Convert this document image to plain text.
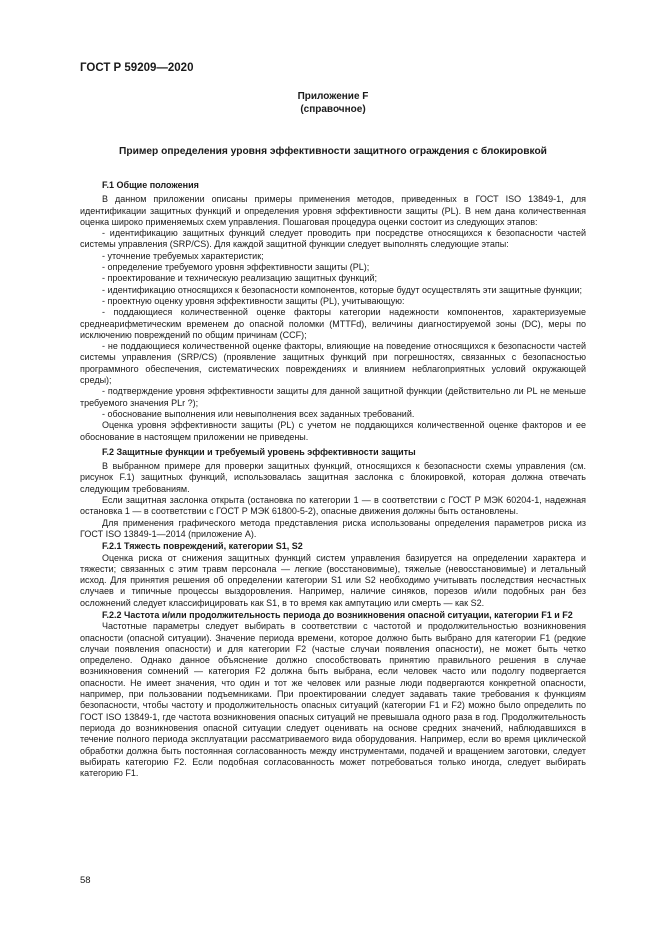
ГОСТ Р 59209—2020
Приложение F
(справочное)
Пример определения уровня эффективности защитного ограждения с блокировкой

F.1 Общие положения

В данном приложении описаны примеры применения методов, приведенных в ГОСТ ISO 13849-1, для идентификации защитных функций и определения уровня эффективности защиты (PL). В нем дана количественная оценка широко применяемых схем управления. Пошаговая процедура оценки состоит из следующих этапов:

- идентификацию защитных функций следует проводить при посредстве относящихся к безопасности частей системы управления (SRP/CS). Для каждой защитной функции следует выполнять следующие этапы:

- уточнение требуемых характеристик;

- определение требуемого уровня эффективности защиты (PL);

- проектирование и техническую реализацию защитных функций;

- идентификацию относящихся к безопасности компонентов, которые будут осуществлять эти защитные функции;

- проектную оценку уровня эффективности защиты (PL), учитывающую:

- поддающиеся количественной оценке факторы категории надежности компонентов, характеризуемые среднеарифметическим временем до опасной поломки (MTTFd), величины диагностируемой зоны (DC), меры по исключению повреждений по общим причинам (CCF);

- не поддающиеся количественной оценке факторы, влияющие на поведение относящихся к безопасности частей системы управления (SRP/CS) (проявление защитных функций при погрешностях, связанных с безопасностью программного обеспечения, систематических повреждениях и влиянием неблагоприятных условий окружающей среды);

- подтверждение уровня эффективности защиты для данной защитной функции (действительно ли PL не меньше требуемого значения PLr ?);

- обоснование выполнения или невыполнения всех заданных требований.

Оценка уровня эффективности защиты (PL) с учетом не поддающихся количественной оценке факторов и ее обоснование в настоящем приложении не приведены.

F.2 Защитные функции и требуемый уровень эффективности защиты

В выбранном примере для проверки защитных функций, относящихся к безопасности схемы управления (см. рисунок F.1) защитных функций, использовалась защитная заслонка с блокировкой, которая должна отвечать следующим требованиям.

Если защитная заслонка открыта (остановка по категории 1 — в соответствии с ГОСТ Р МЭК 60204-1, надежная остановка 1 — в соответствии с ГОСТ Р МЭК 61800-5-2), опасные движения должны быть остановлены.

Для применения графического метода представления риска использованы определения параметров риска из ГОСТ ISO 13849-1—2014 (приложение А).

F.2.1 Тяжесть повреждений, категории S1, S2

Оценка риска от снижения защитных функций систем управления базируется на определении характера и тяжести; связанных с этим травм персонала — легкие (восстановимые), тяжелые (невосстановимые) и летальный исход. Для принятия решения об определении категории S1 или S2 необходимо учитывать последствия несчастных случаев и типичные процессы выздоровления. Например, наличие синяков, порезов и/или подобных ран без осложнений следует классифицировать как S1, в то время как ампутацию или смерть — как S2.

F.2.2 Частота и/или продолжительность периода до возникновения опасной ситуации, категории F1 и F2

Частотные параметры следует выбирать в соответствии с частотой и продолжительностью возникновения опасности (опасной ситуации). Значение периода времени, которое должно быть выбрано для категории F1 (редкие случаи появления опасности) и для категории F2 (частые случаи появления опасности), не может быть четко определено. Однако данное объяснение должно способствовать принятию правильного решения в случае возникновения сомнений — категория F2 должна быть выбрана, если человек часто или подолгу подвергается опасности. Не имеет значения, что один и тот же человек или разные люди подвергаются конкретной опасности, например, при пользовании подъемниками. При проектировании следует задавать такие требования к функциям безопасности, чтобы частоту и продолжительность опасных ситуаций (категории F1 и F2) можно было определить по ГОСТ ISO 13849-1, где частота возникновения опасных ситуаций не превышала одного раза в год. Продолжительность периода до возникновения опасной ситуации следует оценивать на основе средних значений, наблюдавшихся в течение полного периода эксплуатации рассматриваемого вида оборудования. Например, если во время циклической обработки должна быть постоянная согласованность между инструментами, подачей и вращением заготовки, следует выбирать категорию F2. Если подобная согласованность может потребоваться только иногда, следует выбирать категорию F1.

58
